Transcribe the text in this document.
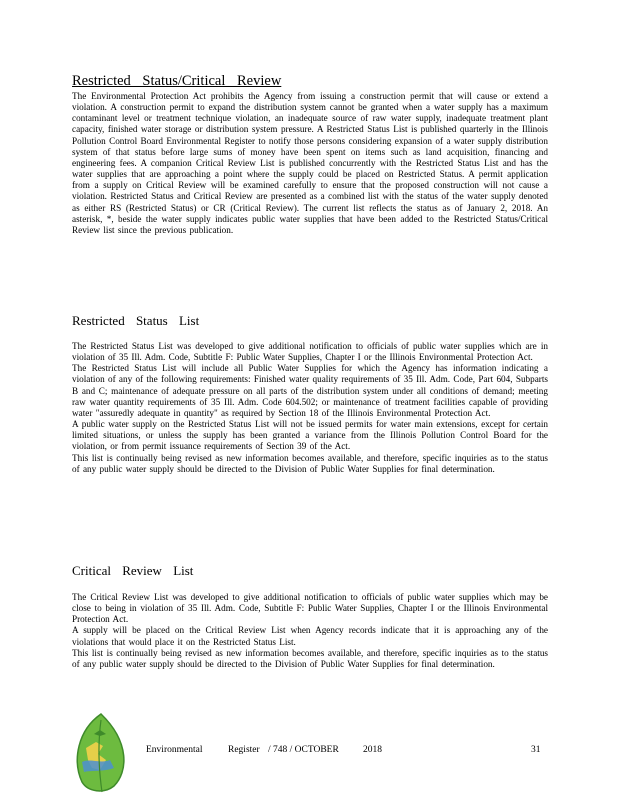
Restricted Status/Critical Review

The Environmental Protection Act prohibits the Agency from issuing a construction permit that will cause or extend a violation. A construction permit to expand the distribution system cannot be granted when a water supply has a maximum contaminant level or treatment technique violation, an inadequate source of raw water supply, inadequate treatment plant capacity, finished water storage or distribution system pressure. A Restricted Status List is published quarterly in the Illinois Pollution Control Board Environmental Register to notify those persons considering expansion of a water supply distribution system of that status before large sums of money have been spent on items such as land acquisition, financing and engineering fees. A companion Critical Review List is published concurrently with the Restricted Status List and has the water supplies that are approaching a point where the supply could be placed on Restricted Status. A permit application from a supply on Critical Review will be examined carefully to ensure that the proposed construction will not cause a violation. Restricted Status and Critical Review are presented as a combined list with the status of the water supply denoted as either RS (Restricted Status) or CR (Critical Review). The current list reflects the status as of January 2, 2018. An asterisk, *, beside the water supply indicates public water supplies that have been added to the Restricted Status/Critical Review list since the previous publication.

Restricted Status List

The Restricted Status List was developed to give additional notification to officials of public water supplies which are in violation of 35 Ill. Adm. Code, Subtitle F: Public Water Supplies, Chapter I or the Illinois Environmental Protection Act.

The Restricted Status List will include all Public Water Supplies for which the Agency has information indicating a violation of any of the following requirements: Finished water quality requirements of 35 Ill. Adm. Code, Part 604, Subparts B and C; maintenance of adequate pressure on all parts of the distribution system under all conditions of demand; meeting raw water quantity requirements of 35 Ill. Adm. Code 604.502; or maintenance of treatment facilities capable of providing water "assuredly adequate in quantity" as required by Section 18 of the Illinois Environmental Protection Act.

A public water supply on the Restricted Status List will not be issued permits for water main extensions, except for certain limited situations, or unless the supply has been granted a variance from the Illinois Pollution Control Board for the violation, or from permit issuance requirements of Section 39 of the Act.

This list is continually being revised as new information becomes available, and therefore, specific inquiries as to the status of any public water supply should be directed to the Division of Public Water Supplies for final determination.

Critical Review List

The Critical Review List was developed to give additional notification to officials of public water supplies which may be close to being in violation of 35 Ill. Adm. Code, Subtitle F: Public Water Supplies, Chapter I or the Illinois Environmental Protection Act.

A supply will be placed on the Critical Review List when Agency records indicate that it is approaching any of the violations that would place it on the Restricted Status List.

This list is continually being revised as new information becomes available, and therefore, specific inquiries as to the status of any public water supply should be directed to the Division of Public Water Supplies for final determination.

Environmental	Register / 748 / OCTOBER	2018	31
